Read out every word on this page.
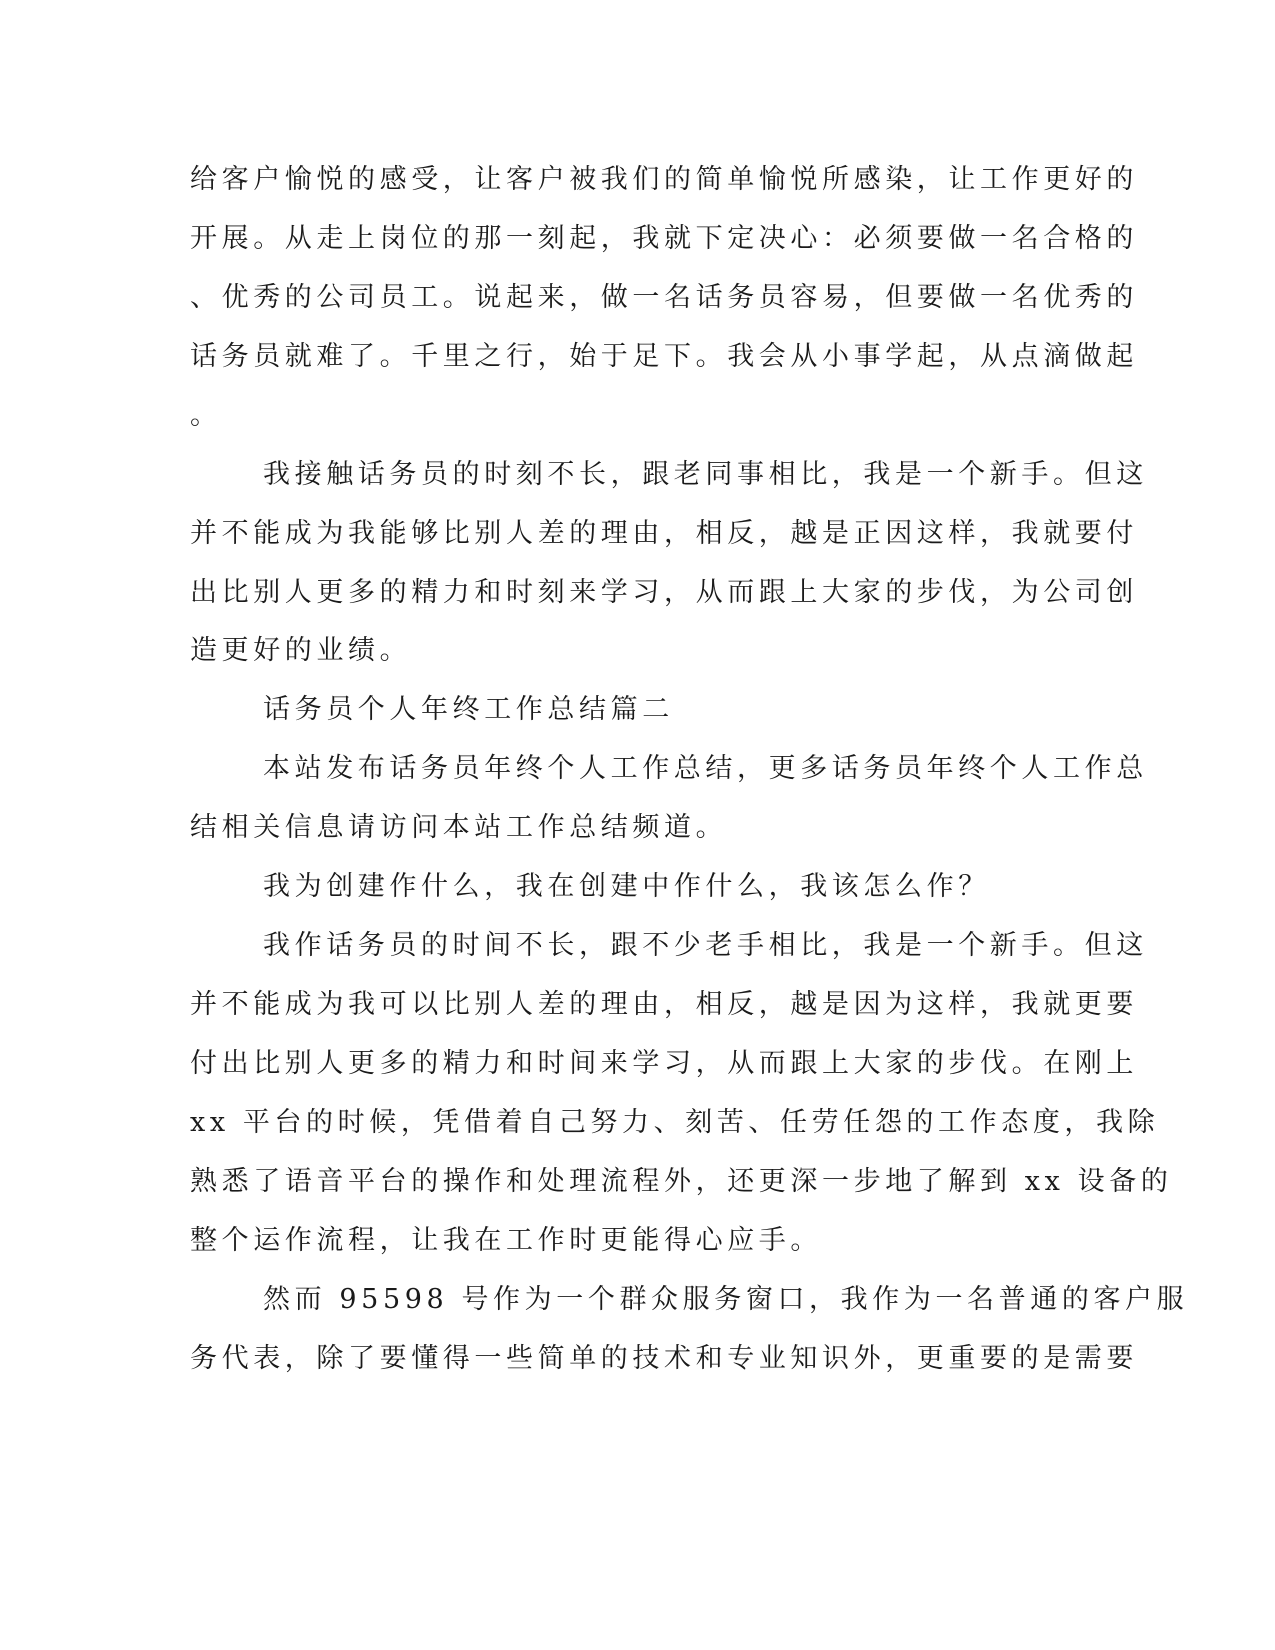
给客户愉悦的感受，让客户被我们的简单愉悦所感染，让工作更好的
开展。从走上岗位的那一刻起，我就下定决心：必须要做一名合格的
、优秀的公司员工。说起来，做一名话务员容易，但要做一名优秀的
话务员就难了。千里之行，始于足下。我会从小事学起，从点滴做起
。
我接触话务员的时刻不长，跟老同事相比，我是一个新手。但这
并不能成为我能够比别人差的理由，相反，越是正因这样，我就要付
出比别人更多的精力和时刻来学习，从而跟上大家的步伐，为公司创
造更好的业绩。
话务员个人年终工作总结篇二
本站发布话务员年终个人工作总结，更多话务员年终个人工作总
结相关信息请访问本站工作总结频道。
我为创建作什么，我在创建中作什么，我该怎么作？
我作话务员的时间不长，跟不少老手相比，我是一个新手。但这
并不能成为我可以比别人差的理由，相反，越是因为这样，我就更要
付出比别人更多的精力和时间来学习，从而跟上大家的步伐。在刚上
xx 平台的时候，凭借着自己努力、刻苦、任劳任怨的工作态度，我除
熟悉了语音平台的操作和处理流程外，还更深一步地了解到 xx 设备的
整个运作流程，让我在工作时更能得心应手。
然而 95598 号作为一个群众服务窗口，我作为一名普通的客户服
务代表，除了要懂得一些简单的技术和专业知识外，更重要的是需要
